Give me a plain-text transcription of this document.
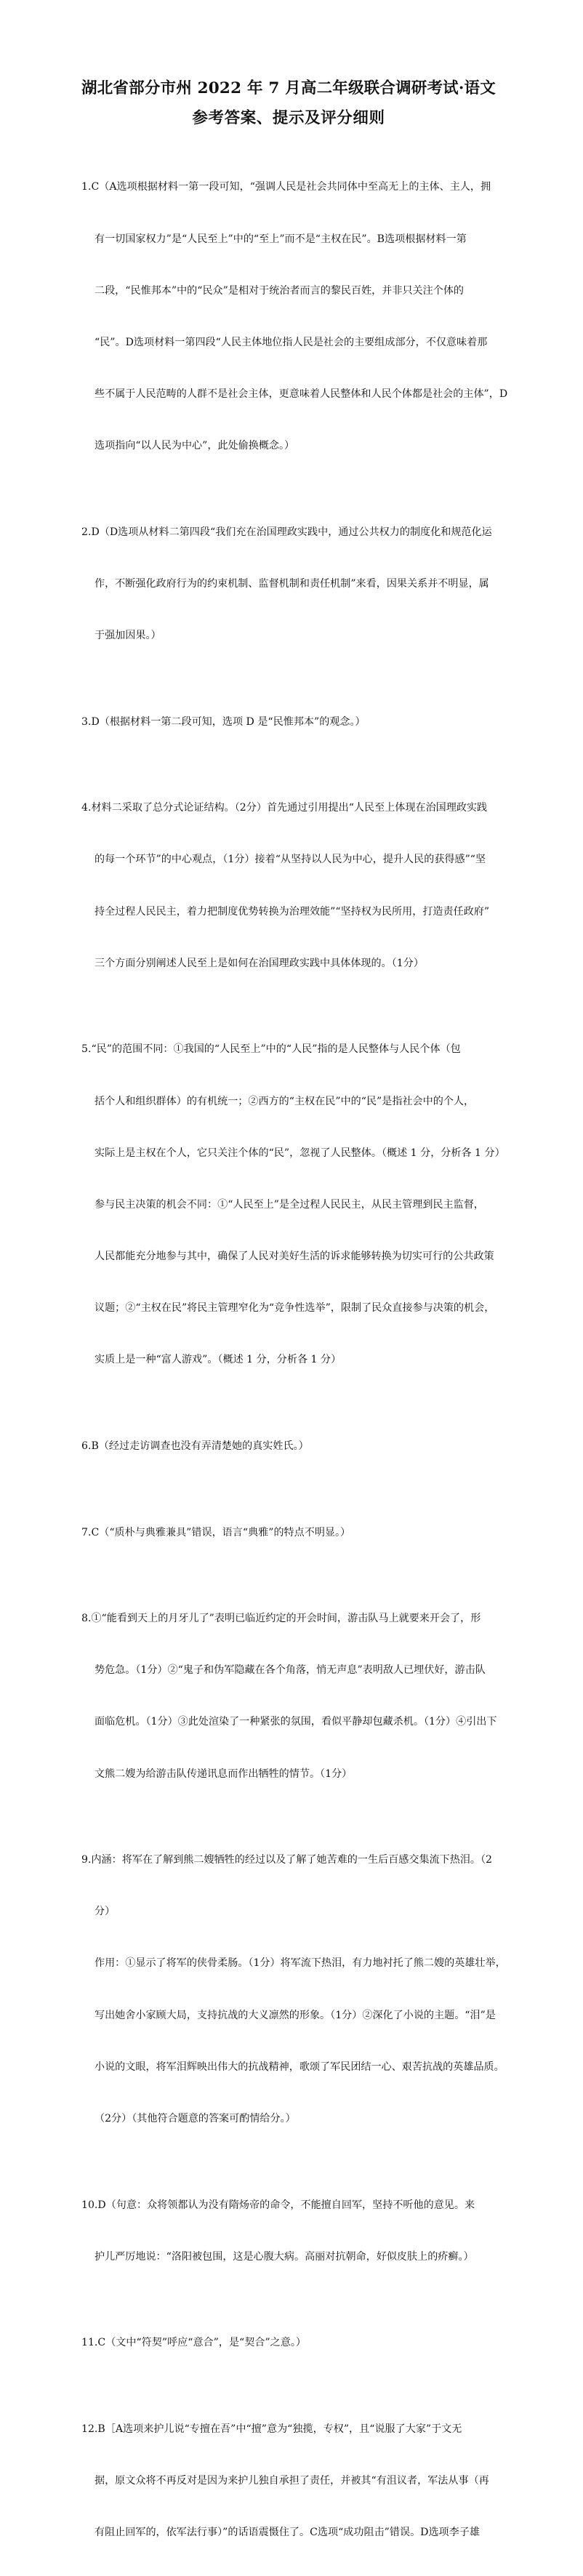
湖北省部分市州 2022 年 7 月高二年级联合调研考试·语文
参考答案、提示及评分细则

1.C（A选项根据材料一第一段可知，“强调人民是社会共同体中至高无上的主体、主人，拥

有一切国家权力”是“人民至上”中的“至上”而不是“主权在民”。B选项根据材料一第

二段，“民惟邦本”中的“民众”是相对于统治者而言的黎民百姓，并非只关注个体的

“民”。D选项材料一第四段“人民主体地位指人民是社会的主要组成部分，不仅意味着那

些不属于人民范畴的人群不是社会主体，更意味着人民整体和人民个体都是社会的主体”，D

选项指向“以人民为中心”，此处偷换概念。）

2.D（D选项从材料二第四段“我们充在治国理政实践中，通过公共权力的制度化和规范化运

作，不断强化政府行为的约束机制、监督机制和责任机制”来看，因果关系并不明显，属

于强加因果。）

3.D（根据材料一第二段可知，选项 D 是“民惟邦本”的观念。）

4.材料二采取了总分式论证结构。（2分）首先通过引用提出“人民至上体现在治国理政实践

的每一个环节”的中心观点，（1分）接着“从坚持以人民为中心，提升人民的获得感”“坚

持全过程人民民主，着力把制度优势转换为治理效能”“坚持权为民所用，打造责任政府”

三个方面分别阐述人民至上是如何在治国理政实践中具体体现的。（1分）

5.“民”的范围不同：①我国的“人民至上”中的“人民”指的是人民整体与人民个体（包

括个人和组织群体）的有机统一；②西方的“主权在民”中的“民”是指社会中的个人，

实际上是主权在个人，它只关注个体的“民”，忽视了人民整体。（概述 1 分，分析各 1 分）

参与民主决策的机会不同：①“人民至上”是全过程人民民主，从民主管理到民主监督，

人民都能充分地参与其中，确保了人民对美好生活的诉求能够转换为切实可行的公共政策

议题；②“主权在民”将民主管理窄化为“竞争性选举”，限制了民众直接参与决策的机会，

实质上是一种“富人游戏”。（概述 1 分，分析各 1 分）

6.B（经过走访调查也没有弄清楚她的真实姓氏。）

7.C（“质朴与典雅兼具”错误，语言“典雅”的特点不明显。）

8.①“能看到天上的月牙儿了”表明已临近约定的开会时间，游击队马上就要来开会了，形

势危急。（1分）②“鬼子和伪军隐藏在各个角落，悄无声息”表明敌人已埋伏好，游击队

面临危机。（1分）③此处渲染了一种紧张的氛围，看似平静却包藏杀机。（1分）④引出下

文熊二嫂为给游击队传递讯息而作出牺牲的情节。（1分）

9.内涵：将军在了解到熊二嫂牺牲的经过以及了解了她苦难的一生后百感交集流下热泪。（2

分）

作用：①显示了将军的侠骨柔肠。（1分）将军流下热泪，有力地衬托了熊二嫂的英雄壮举，

写出她舍小家顾大局，支持抗战的大义凛然的形象。（1分）②深化了小说的主题。“泪”是

小说的文眼，将军泪辉映出伟大的抗战精神，歌颂了军民团结一心、艰苦抗战的英雄品质。

（2分）（其他符合题意的答案可酌情给分。）

10.D（句意：众将领都认为没有隋炀帝的命令，不能擅自回军，坚持不听他的意见。来

护儿严厉地说：“洛阳被包围，这是心腹大病。高丽对抗朝命，好似皮肤上的疥癣。）

11.C（文中“符契”呼应“意合”，是“契合”之意。）

12.B［A选项来护儿说“专擅在吾”中“擅”意为“独揽，专权”，且“说服了大家”于文无

据，原文众将不再反对是因为来护儿独自承担了责任，并被其“有沮议者，军法从事（再

有阻止回军的，依军法行事）”的话语震慑住了。C选项“成功阻击”错误。D选项李子雄
